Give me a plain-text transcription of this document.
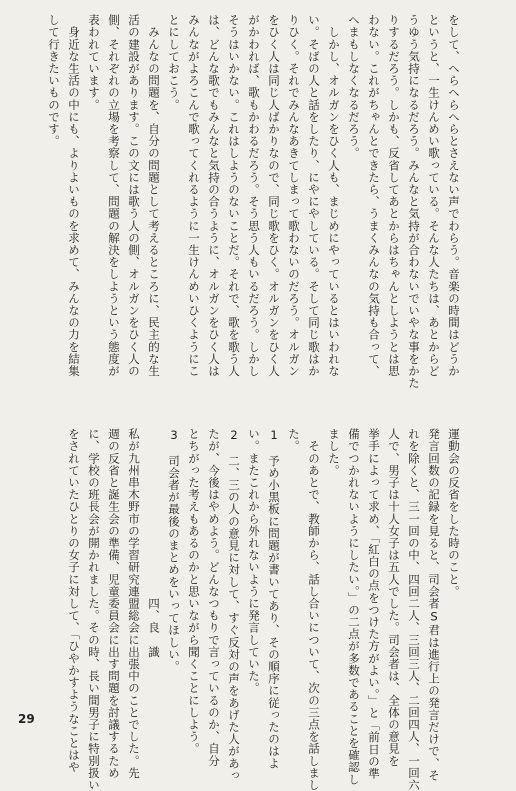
をして、へらへらへらとさえない声でわらう。音楽の時間はどうか
というと、一生けんめい歌っている。そんな人たちは、あとからど
うゆう気持になるだろう。みんなと気持が合わないでいやな事をかた
りするだろう。しかも、反省してあとからはちゃんとしようとは思
わない。これがちゃんとできたら、うまくみんなの気持も合って、
へまもしなくなるだろう。
　しかし、オルガンをひく人も、まじめにやっているとはいわれな
い。そばの人と話をしたり、にやにやしている。そして同じ歌はか
りひく。それでみんなあきてしまって歌わないのだろう。オルガン
をひく人は同じ人ばかりなので、同じ歌をひく。オルガンをひく人
がかわれば、歌もかわるだろう。そう思う人もいるだろう。しかし
そうはいかない。これはしようのないことだ。それで、歌を歌う人
は、どんな歌でもみんなと気持の合うように、オルガンをひく人は
みんながよろこんで歌ってくれるように一生けんめいひくようにこ
とにしておこう。
　みんなの問題を、自分の問題として考えるところに、民主的な生
活の建設があります。この文には歌う人の側、オルガンをひく人の
側、それぞれの立場を考察して、問題の解決をしようという態度が
表われています。
　身近な生活の中にも、よりよいものを求めて、みんなの力を結集
して行きたいものです。
運動会の反省をした時のこと。
発言回数の記録を見ると、司会者S君は進行上の発言だけで、そ
れを除くと、三一回の中、四回二人、三回三人、二回四人、一回六
人で、男子は十人女子は五人でした。司会者は、全体の意見を
挙手によって求め、「紅白の点をつけた方がよい。」と「前日の準
備でつかれないようにしたい。」の二点が多数であることを確認し
ました。
　そのあとで、教師から、話し合いについて、次の三点を話しまし
た。
1　予め小黒板に問題が書いてあり、その順序に従ったのはよ
い。またこれから外れないように発言していた。
2　二、三の人の意見に対して、すぐ反対の声をあげた人があっ
たが、今後はやめよう。どんなつもりで言っているのか、自分
とちがった考えもあるのかと思いながら聞くことにしよう。
3　司会者が最後のまとめをいってほしい。
　　　　　　　　　　　　　　四、良　識
私が九州串木野市の学習研究連盟総会に出張中のことでした。先
週の反省と誕生会の準備、児童委員会に出す問題を討議するため
に、学校の班長会が開かれました。その時、長い間男子に特別扱い
をされていたひとりの女子に対して、「ひやかすようなことはや
29
